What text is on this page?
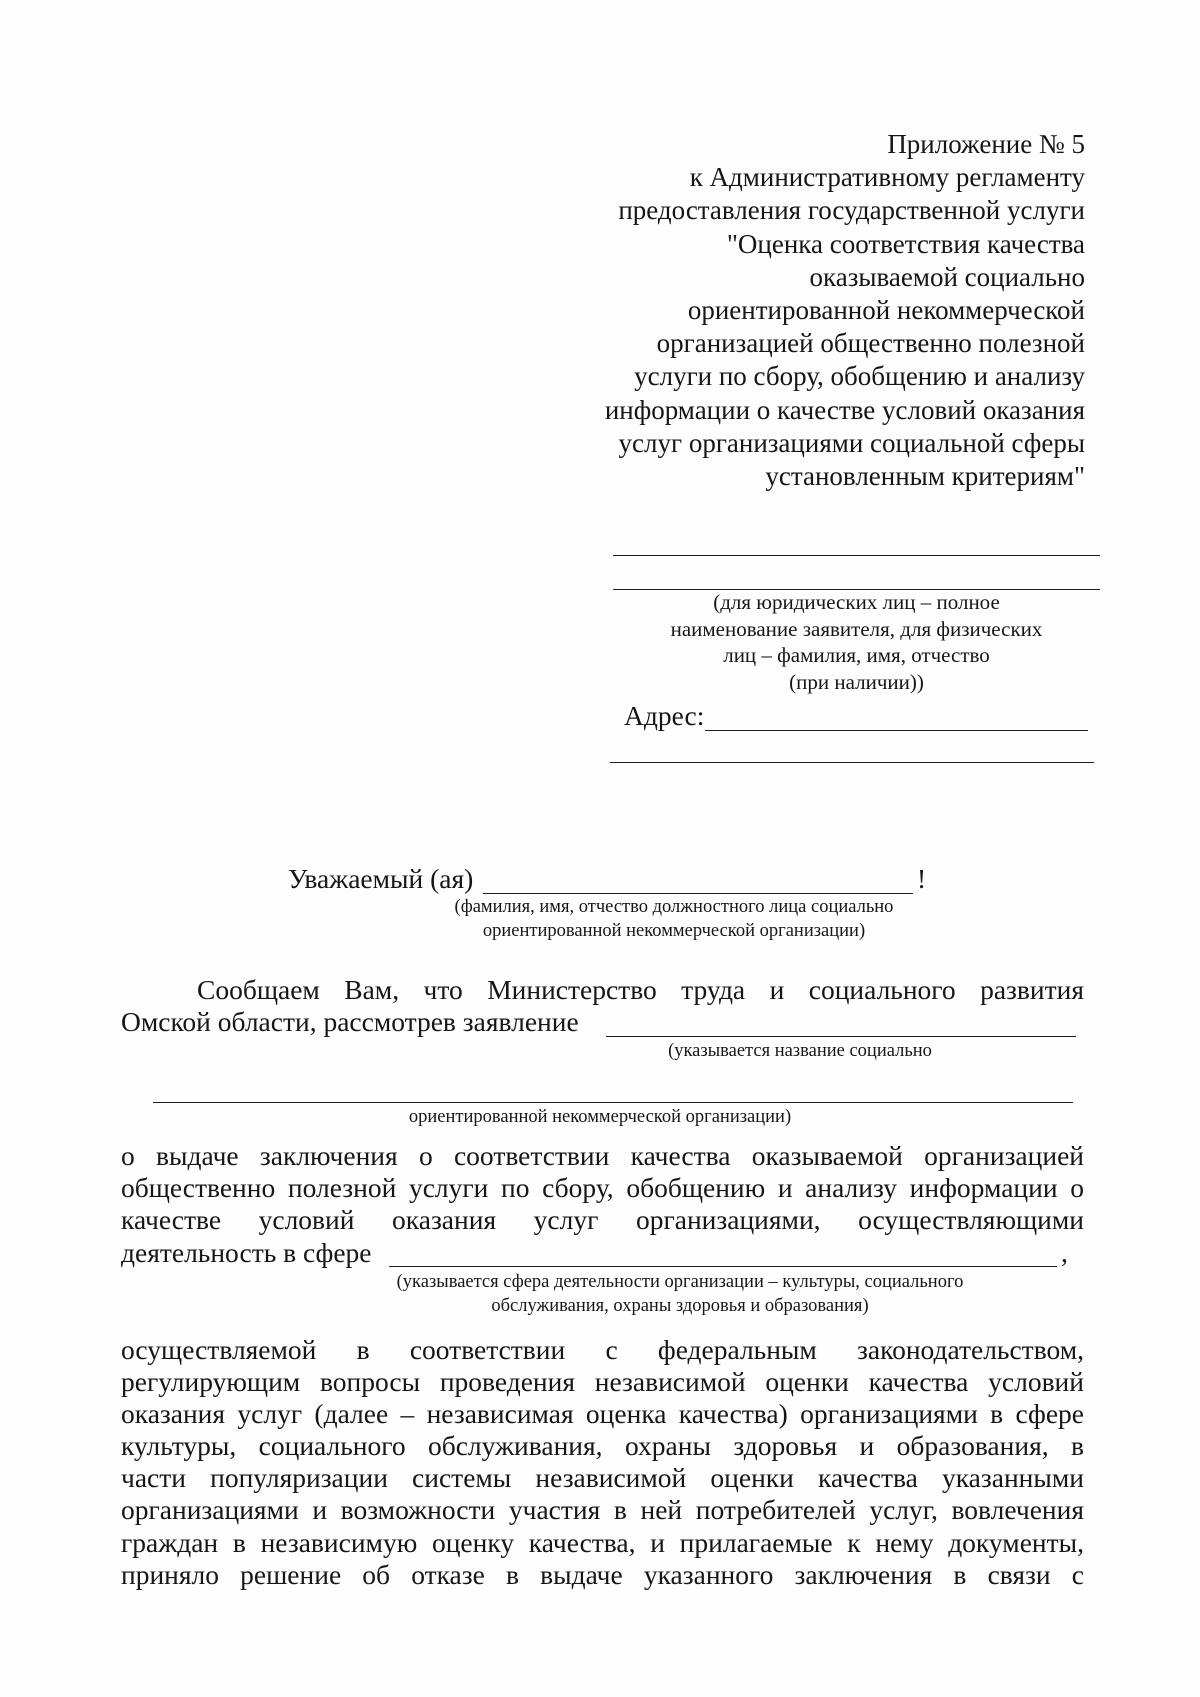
Приложение № 5
к Административному регламенту
предоставления государственной услуги
"Оценка соответствия качества
оказываемой социально
ориентированной некоммерческой
организацией общественно полезной
услуги по сбору, обобщению и анализу
информации о качестве условий оказания
услуг организациями социальной сферы
установленным критериям"
(для юридических лиц – полное
наименование заявителя, для физических
лиц – фамилия, имя, отчество
(при наличии))
Адрес:
Уважаемый (ая)	!
(фамилия, имя, отчество должностного лица социально
ориентированной некоммерческой организации)
Сообщаем Вам, что Министерство труда и социального развития
Омской области, рассмотрев заявление
(указывается название социально
ориентированной некоммерческой организации)
о выдаче заключения о соответствии качества оказываемой организацией
общественно полезной услуги по сбору, обобщению и анализу информации о
качестве условий оказания услуг организациями, осуществляющими
деятельность в сфере	,
(указывается сфера деятельности организации – культуры, социального
обслуживания, охраны здоровья и образования)
осуществляемой в соответствии с федеральным законодательством,
регулирующим вопросы проведения независимой оценки качества условий
оказания услуг (далее – независимая оценка качества) организациями в сфере
культуры, социального обслуживания, охраны здоровья и образования, в
части популяризации системы независимой оценки качества указанными
организациями и возможности участия в ней потребителей услуг, вовлечения
граждан в независимую оценку качества, и прилагаемые к нему документы,
приняло решение об отказе в выдаче указанного заключения в связи с
